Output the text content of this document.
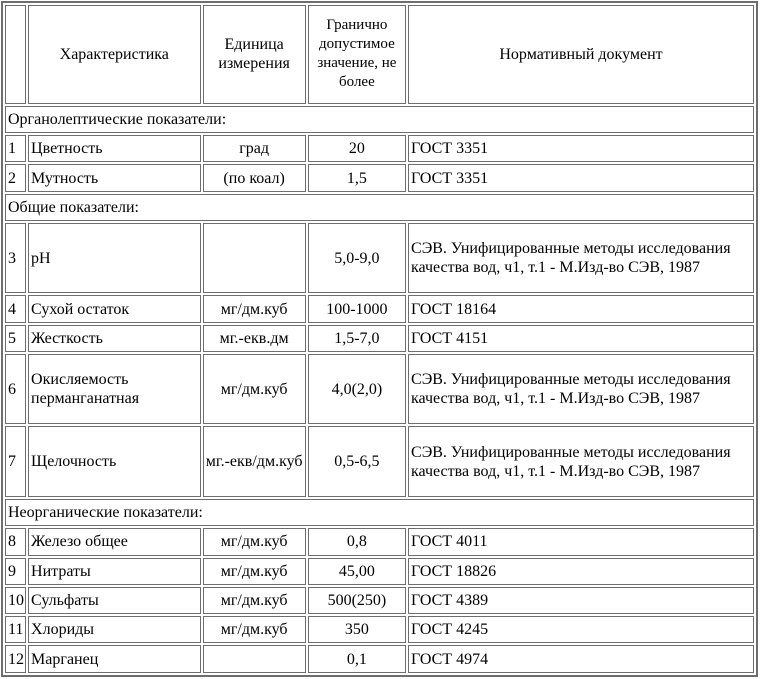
	Характеристика	Единица измерения	Гранично допустимое значение, не более	Нормативный документ
Органолептические показатели:				
1	Цветность	град	20	ГОСТ 3351
2	Мутность	(по коал)	1,5	ГОСТ 3351
Общие показатели:				
3	pH		5,0-9,0	СЭВ. Унифицированные методы исследования качества вод, ч1, т.1 - М.Изд-во СЭВ, 1987
4	Сухой остаток	мг/дм.куб	100-1000	ГОСТ 18164
5	Жесткость	мг.-екв.дм	1,5-7,0	ГОСТ 4151
6	Окисляемость перманганатная	мг/дм.куб	4,0(2,0)	СЭВ. Унифицированные методы исследования качества вод, ч1, т.1 - М.Изд-во СЭВ, 1987
7	Щелочность	мг.-екв/дм.куб	0,5-6,5	СЭВ. Унифицированные методы исследования качества вод, ч1, т.1 - М.Изд-во СЭВ, 1987
Неорганические показатели:				
8	Железо общее	мг/дм.куб	0,8	ГОСТ 4011
9	Нитраты	мг/дм.куб	45,00	ГОСТ 18826
10	Сульфаты	мг/дм.куб	500(250)	ГОСТ 4389
11	Хлориды	мг/дм.куб	350	ГОСТ 4245
12	Марганец		0,1	ГОСТ 4974
